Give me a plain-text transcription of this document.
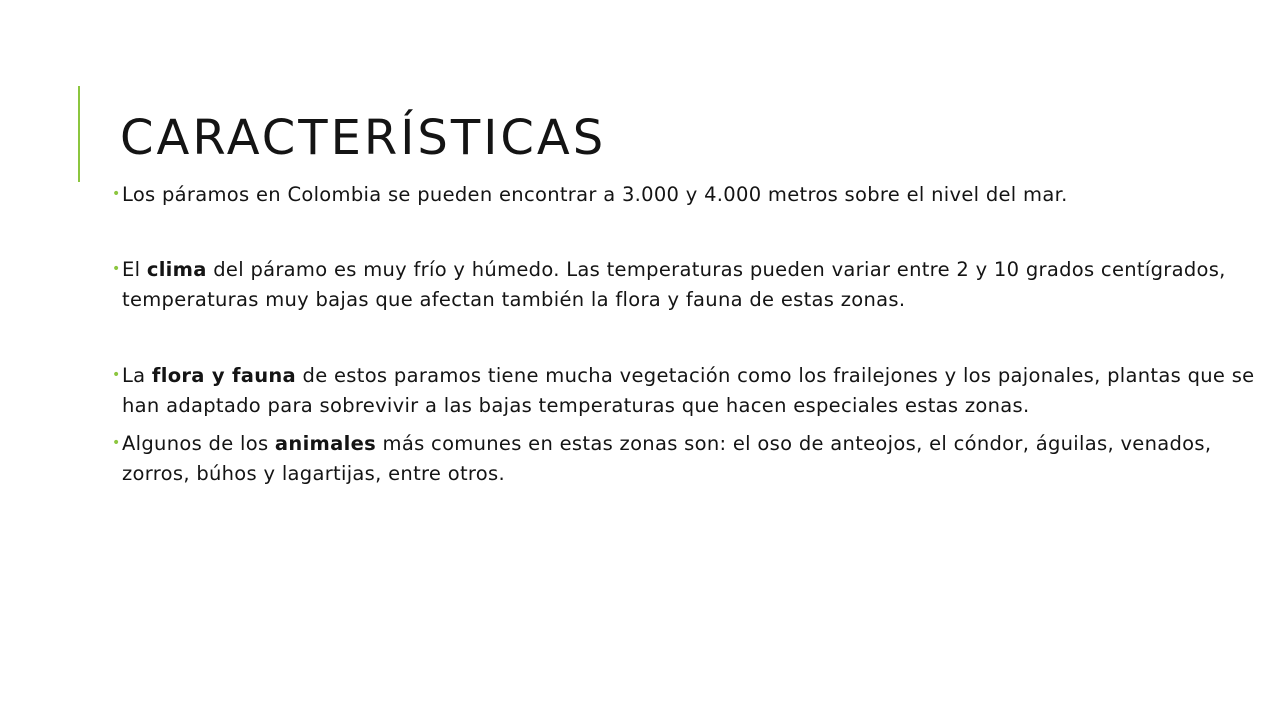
CARACTERÍSTICAS
• Los páramos en Colombia se pueden encontrar a 3.000 y 4.000 metros sobre el nivel del mar.
• El clima del páramo es muy frío y húmedo. Las temperaturas pueden variar entre 2 y 10 grados centígrados, temperaturas muy bajas que afectan también la flora y fauna de estas zonas.
• La flora y fauna de estos paramos tiene mucha vegetación como los frailejones y los pajonales, plantas que se han adaptado para sobrevivir a las bajas temperaturas que hacen especiales estas zonas.
• Algunos de los animales más comunes en estas zonas son: el oso de anteojos, el cóndor, águilas, venados, zorros, búhos y lagartijas, entre otros.
